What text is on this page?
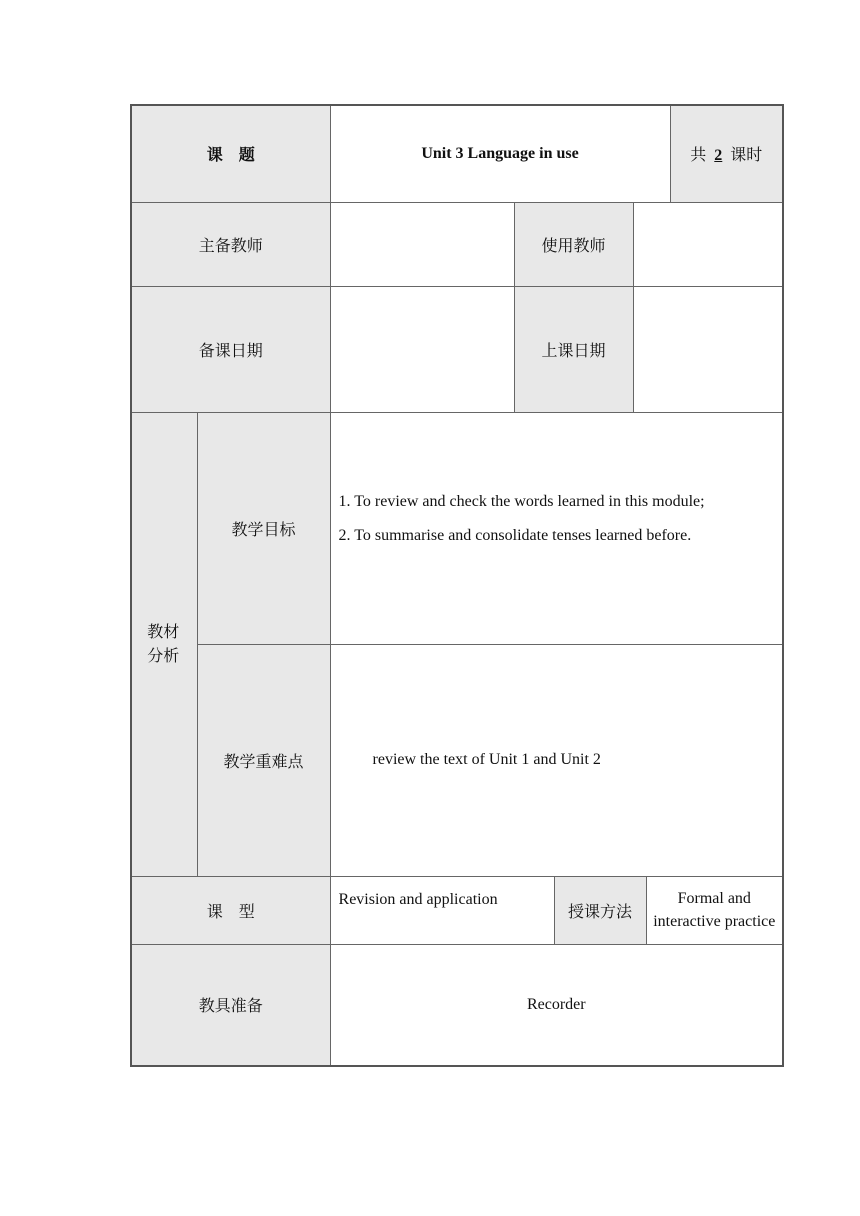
课　题		Unit 3 Language in use					共 2 课时
主备教师			使用教师				
备课日期			上课日期				

教材分析	教学目标	1. To review and check the words learned in this module;

2. To summarise and consolidate tenses learned before.					

	教学重难点	review the text of Unit 1 and Unit 2					
课　型		Revision and application		授课方法		Formal and interactive practice	
教具准备		Recorder					
